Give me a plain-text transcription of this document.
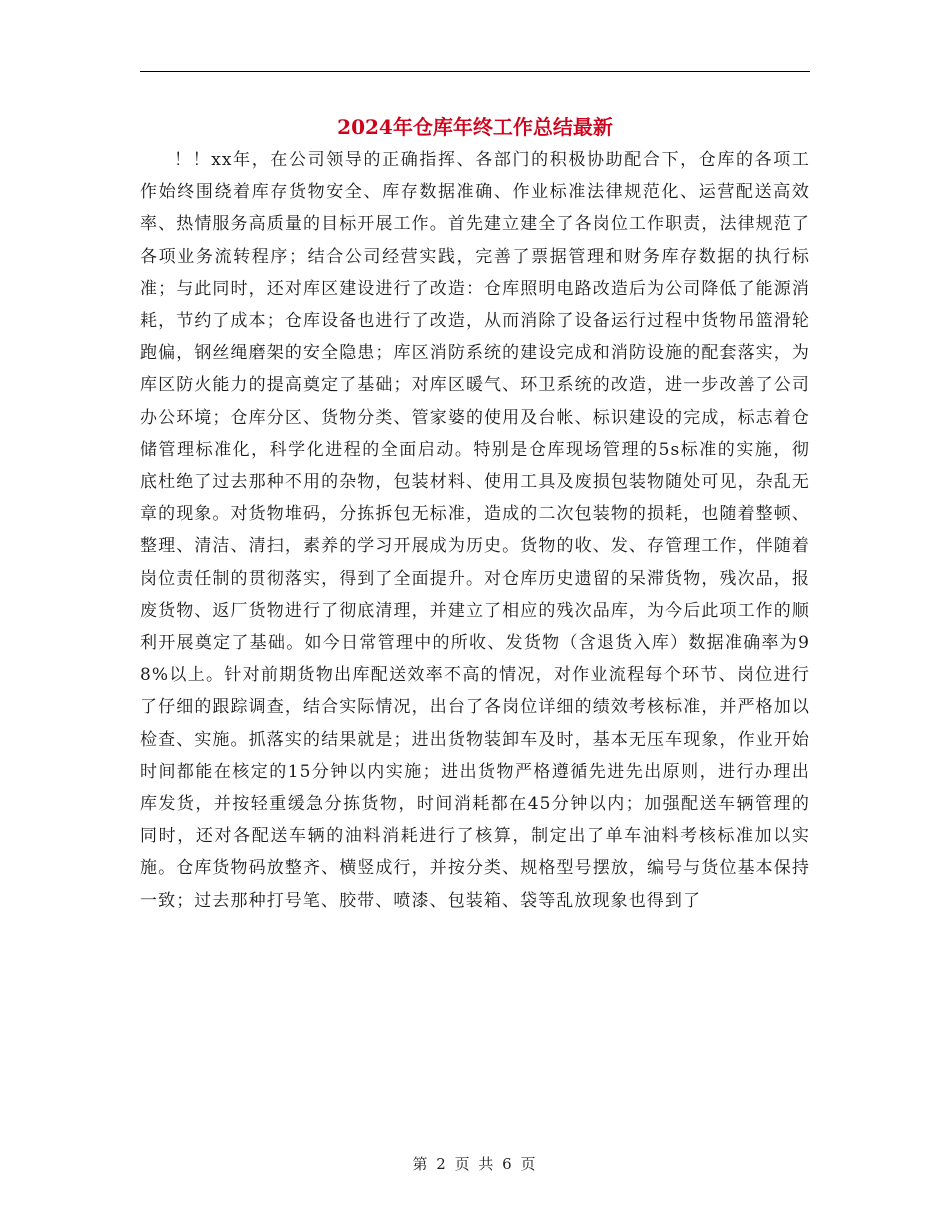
2024年仓库年终工作总结最新

！！xx年，在公司领导的正确指挥、各部门的积极协助配合下，仓库的各项工作始终围绕着库存货物安全、库存数据准确、作业标准法律规范化、运营配送高效率、热情服务高质量的目标开展工作。首先建立建全了各岗位工作职责，法律规范了各项业务流转程序；结合公司经营实践，完善了票据管理和财务库存数据的执行标准；与此同时，还对库区建设进行了改造：仓库照明电路改造后为公司降低了能源消耗，节约了成本；仓库设备也进行了改造，从而消除了设备运行过程中货物吊篮滑轮跑偏，钢丝绳磨架的安全隐患；库区消防系统的建设完成和消防设施的配套落实，为库区防火能力的提高奠定了基础；对库区暖气、环卫系统的改造，进一步改善了公司办公环境；仓库分区、货物分类、管家婆的使用及台帐、标识建设的完成，标志着仓储管理标准化，科学化进程的全面启动。特别是仓库现场管理的5s标准的实施，彻底杜绝了过去那种不用的杂物，包装材料、使用工具及废损包装物随处可见，杂乱无章的现象。对货物堆码，分拣拆包无标准，造成的二次包装物的损耗，也随着整顿、整理、清洁、清扫，素养的学习开展成为历史。货物的收、发、存管理工作，伴随着岗位责任制的贯彻落实，得到了全面提升。对仓库历史遗留的呆滞货物，残次品，报废货物、返厂货物进行了彻底清理，并建立了相应的残次品库，为今后此项工作的顺利开展奠定了基础。如今日常管理中的所收、发货物（含退货入库）数据准确率为98%以上。针对前期货物出库配送效率不高的情况，对作业流程每个环节、岗位进行了仔细的跟踪调查，结合实际情况，出台了各岗位详细的绩效考核标准，并严格加以检查、实施。抓落实的结果就是；进出货物装卸车及时，基本无压车现象，作业开始时间都能在核定的15分钟以内实施；进出货物严格遵循先进先出原则，进行办理出库发货，并按轻重缓急分拣货物，时间消耗都在45分钟以内；加强配送车辆管理的同时，还对各配送车辆的油料消耗进行了核算，制定出了单车油料考核标准加以实施。仓库货物码放整齐、横竖成行，并按分类、规格型号摆放，编号与货位基本保持一致；过去那种打号笔、胶带、喷漆、包装箱、袋等乱放现象也得到了

第 2 页 共 6 页
